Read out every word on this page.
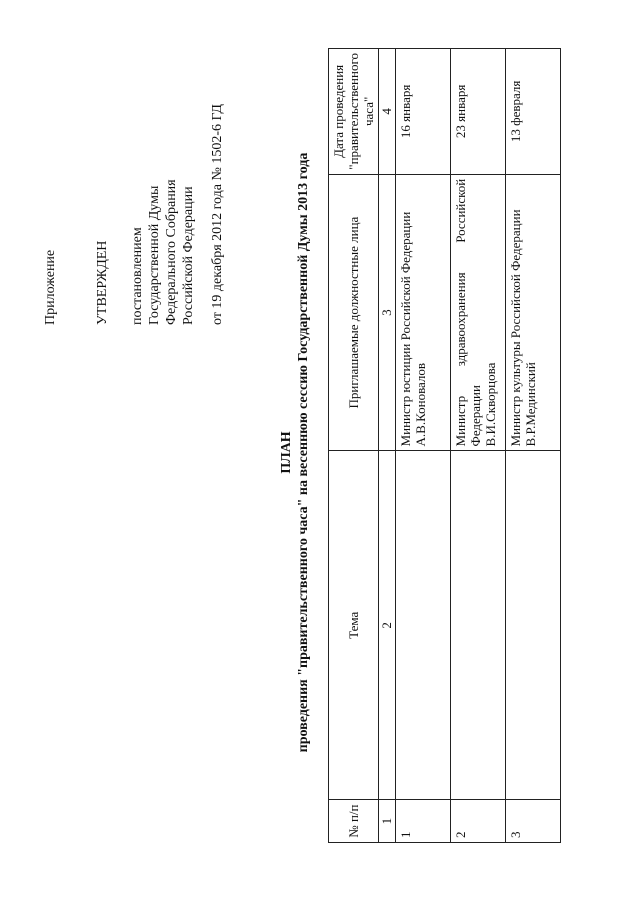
Приложение	УТВЕРЖДЕН постановлением Государственной Думы Федерального Собрания Российской Федерации от 19 декабря 2012 года № 1502-6 ГД
ПЛАН проведения "правительственного часа" на весеннюю сессию Государственной Думы 2013 года
№ п/п	Тема	Приглашаемые должностные лица	Дата проведения "правительственного часа"
1	2	3	4
1		Министр юстиции Российской Федерации А.В.Коновалов	16 января
2		Министр здравоохранения Российской Федерации В.И.Скворцова	23 января
3		Министр культуры Российской Федерации В.Р.Мединский	13 февраля
